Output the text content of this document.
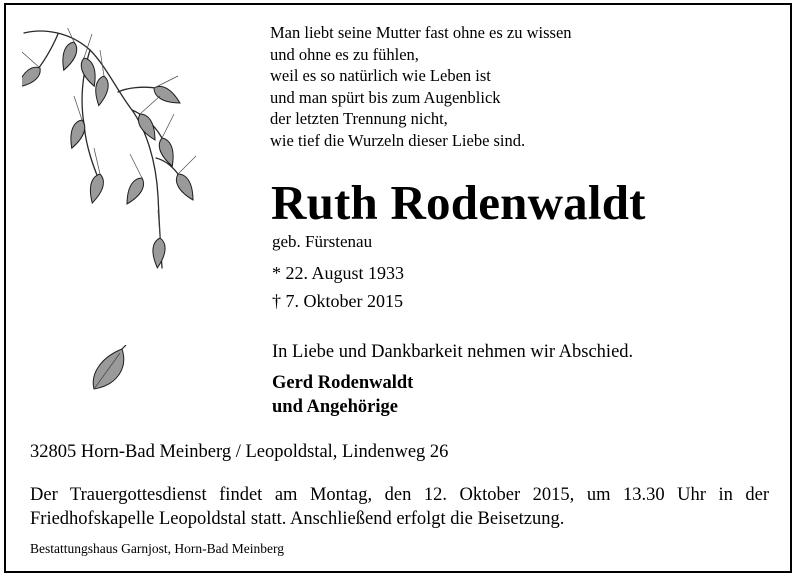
Man liebt seine Mutter fast ohne es zu wissen
und ohne es zu fühlen,
weil es so natürlich wie Leben ist
und man spürt bis zum Augenblick
der letzten Trennung nicht,
wie tief die Wurzeln dieser Liebe sind.
Ruth Rodenwaldt
geb. Fürstenau
* 22. August 1933
† 7. Oktober 2015
In Liebe und Dankbarkeit nehmen wir Abschied.
Gerd Rodenwaldt
und Angehörige
32805 Horn-Bad Meinberg / Leopoldstal, Lindenweg 26
Der Trauergottesdienst findet am Montag, den 12. Oktober 2015, um 13.30 Uhr in der Friedhofskapelle Leopoldstal statt. Anschließend erfolgt die Beisetzung.
Bestattungshaus Garnjost, Horn-Bad Meinberg
